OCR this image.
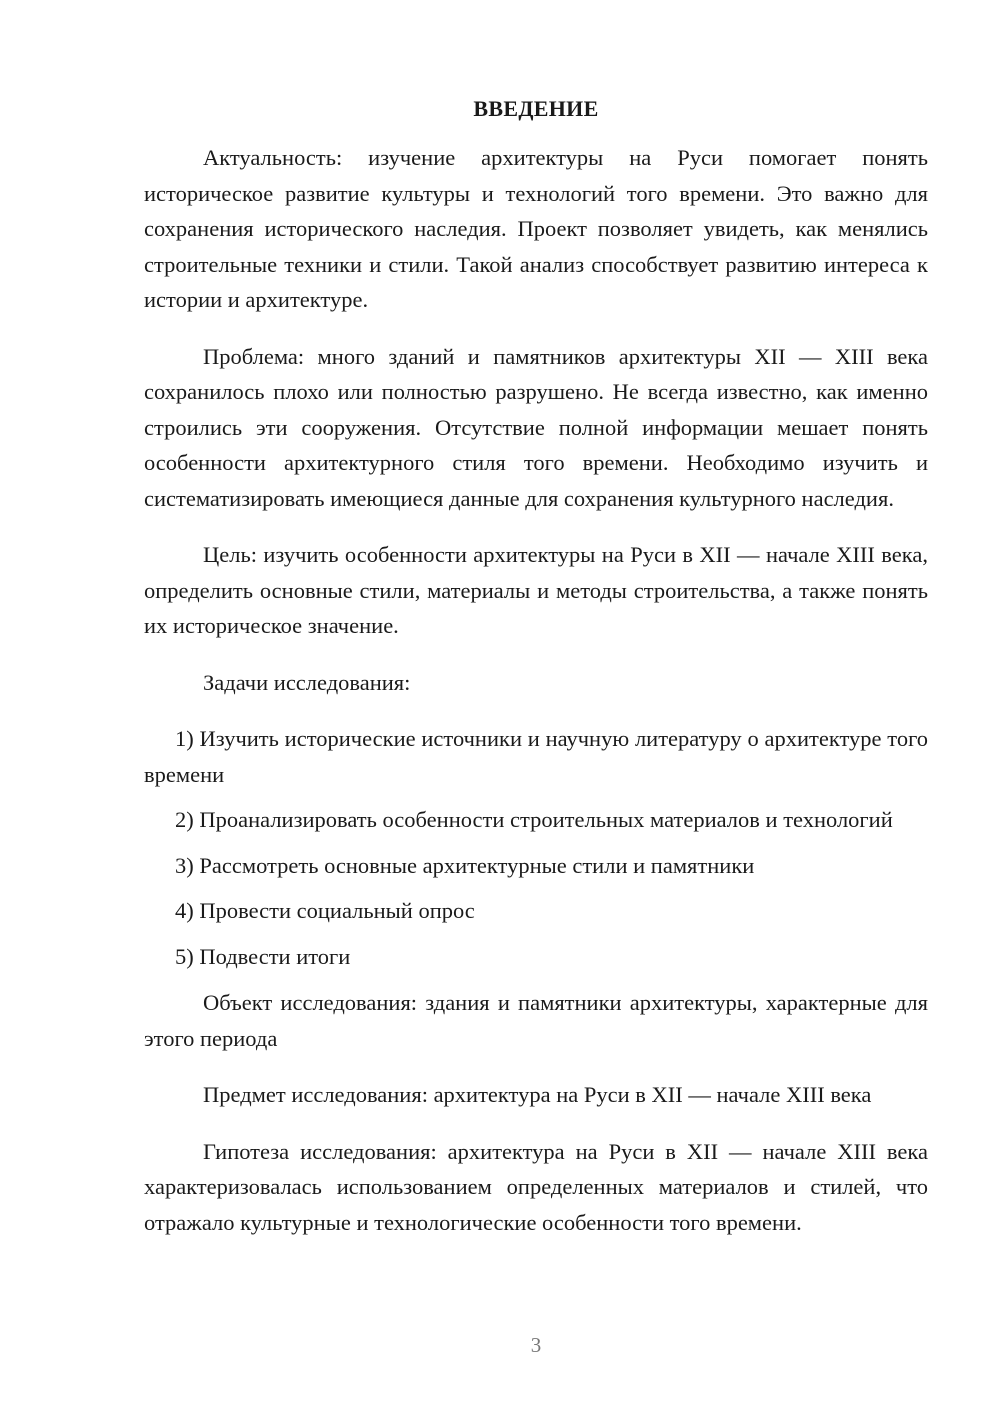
ВВЕДЕНИЕ

Актуальность: изучение архитектуры на Руси помогает понять историческое развитие культуры и технологий того времени. Это важно для сохранения исторического наследия. Проект позволяет увидеть, как менялись строительные техники и стили. Такой анализ способствует развитию интереса к истории и архитектуре.

Проблема: много зданий и памятников архитектуры XII — XIII века сохранилось плохо или полностью разрушено. Не всегда известно, как именно строились эти сооружения. Отсутствие полной информации мешает понять особенности архитектурного стиля того времени. Необходимо изучить и систематизировать имеющиеся данные для сохранения культурного наследия.

Цель: изучить особенности архитектуры на Руси в XII — начале XIII века, определить основные стили, материалы и методы строительства, а также понять их историческое значение.

Задачи исследования:

1) Изучить исторические источники и научную литературу о архитектуре того времени

2) Проанализировать особенности строительных материалов и технологий

3) Рассмотреть основные архитектурные стили и памятники

4) Провести социальный опрос

5) Подвести итоги

Объект исследования: здания и памятники архитектуры, характерные для этого периода

Предмет исследования: архитектура на Руси в XII — начале XIII века

Гипотеза исследования: архитектура на Руси в XII — начале XIII века характеризовалась использованием определенных материалов и стилей, что отражало культурные и технологические особенности того времени.

3
